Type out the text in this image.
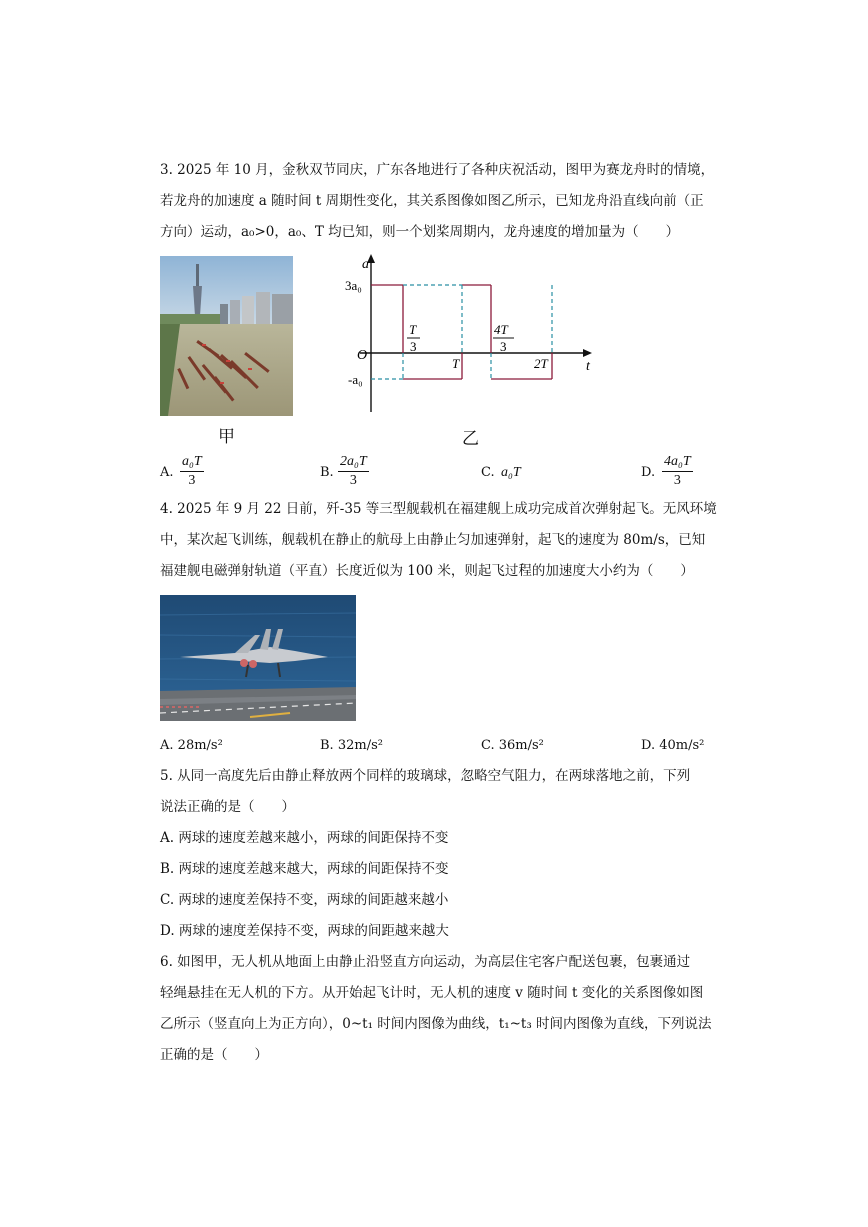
3. 2025 年 10 月，金秋双节同庆，广东各地进行了各种庆祝活动，图甲为赛龙舟时的情境，
若龙舟的加速度 a 随时间 t 周期性变化，其关系图像如图乙所示，已知龙舟沿直线向前（正
方向）运动，a₀>0，a₀、T 均已知，则一个划桨周期内，龙舟速度的增加量为（　　）
甲
a
t
O
3a₀
-a₀
T
3
T
4T
3
2T
乙
A. $\frac{\text{a₀T}}{3}$	B. $\frac{\text{2a₀T}}{3}$	C. a₀T	D. $\frac{\text{4a₀T}}{3}$
4. 2025 年 9 月 22 日前，歼-35 等三型舰载机在福建舰上成功完成首次弹射起飞。无风环境
中，某次起飞训练，舰载机在静止的航母上由静止匀加速弹射，起飞的速度为 80m/s，已知
福建舰电磁弹射轨道（平直）长度近似为 100 米，则起飞过程的加速度大小约为（　　）
A. 28m/s²	B. 32m/s²	C. 36m/s²	D. 40m/s²
5. 从同一高度先后由静止释放两个同样的玻璃球，忽略空气阻力，在两球落地之前，下列
说法正确的是（　　）
A. 两球的速度差越来越小，两球的间距保持不变
B. 两球的速度差越来越大，两球的间距保持不变
C. 两球的速度差保持不变，两球的间距越来越小
D. 两球的速度差保持不变，两球的间距越来越大
6. 如图甲，无人机从地面上由静止沿竖直方向运动，为高层住宅客户配送包裹，包裹通过
轻绳悬挂在无人机的下方。从开始起飞计时，无人机的速度 v 随时间 t 变化的关系图像如图
乙所示（竖直向上为正方向），0~t₁ 时间内图像为曲线，t₁~t₃ 时间内图像为直线，下列说法
正确的是（　　）
